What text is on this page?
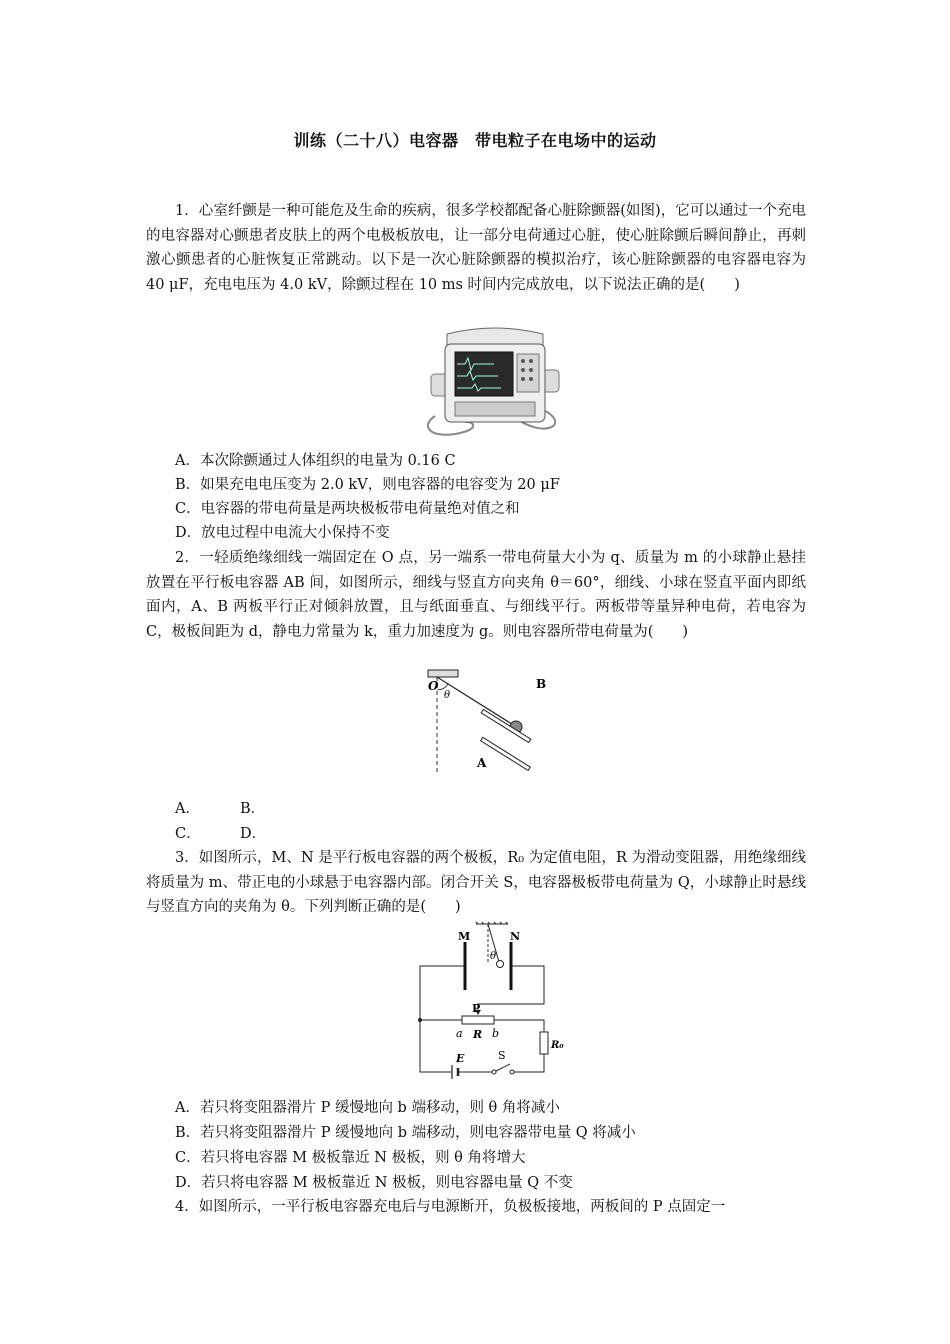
训练（二十八）电容器　带电粒子在电场中的运动

1．心室纤颤是一种可能危及生命的疾病，很多学校都配备心脏除颤器(如图)，它可以通过一个充电的电容器对心颤患者皮肤上的两个电极板放电，让一部分电荷通过心脏，使心脏除颤后瞬间静止，再刺激心颤患者的心脏恢复正常跳动。以下是一次心脏除颤器的模拟治疗，该心脏除颤器的电容器电容为 40 μF，充电电压为 4.0 kV，除颤过程在 10 ms 时间内完成放电，以下说法正确的是(　　)

A．本次除颤通过人体组织的电量为 0.16 C
B．如果充电电压变为 2.0 kV，则电容器的电容变为 20 μF
C．电容器的带电荷量是两块极板带电荷量绝对值之和
D．放电过程中电流大小保持不变

2．一轻质绝缘细线一端固定在 O 点，另一端系一带电荷量大小为 q、质量为 m 的小球静止悬挂放置在平行板电容器 AB 间，如图所示，细线与竖直方向夹角 θ＝60°，细线、小球在竖直平面内即纸面内，A、B 两板平行正对倾斜放置，且与纸面垂直、与细线平行。两板带等量异种电荷，若电容为 C，极板间距为 d，静电力常量为 k，重力加速度为 g。则电容器所带电荷量为(　　)

O
θ
B
A
A．	B．
C．	D．

3．如图所示，M、N 是平行板电容器的两个极板，R₀ 为定值电阻，R 为滑动变阻器，用绝缘细线将质量为 m、带正电的小球悬于电容器内部。闭合开关 S，电容器极板带电荷量为 Q，小球静止时悬线与竖直方向的夹角为 θ。下列判断正确的是(　　)

M	N
θ
P
a R b
R₀
E	S
A．若只将变阻器滑片 P 缓慢地向 b 端移动，则 θ 角将减小
B．若只将变阻器滑片 P 缓慢地向 b 端移动，则电容器带电量 Q 将减小
C．若只将电容器 M 极板靠近 N 极板，则 θ 角将增大
D．若只将电容器 M 极板靠近 N 极板，则电容器电量 Q 不变

4．如图所示，一平行板电容器充电后与电源断开，负极板接地，两板间的 P 点固定一
